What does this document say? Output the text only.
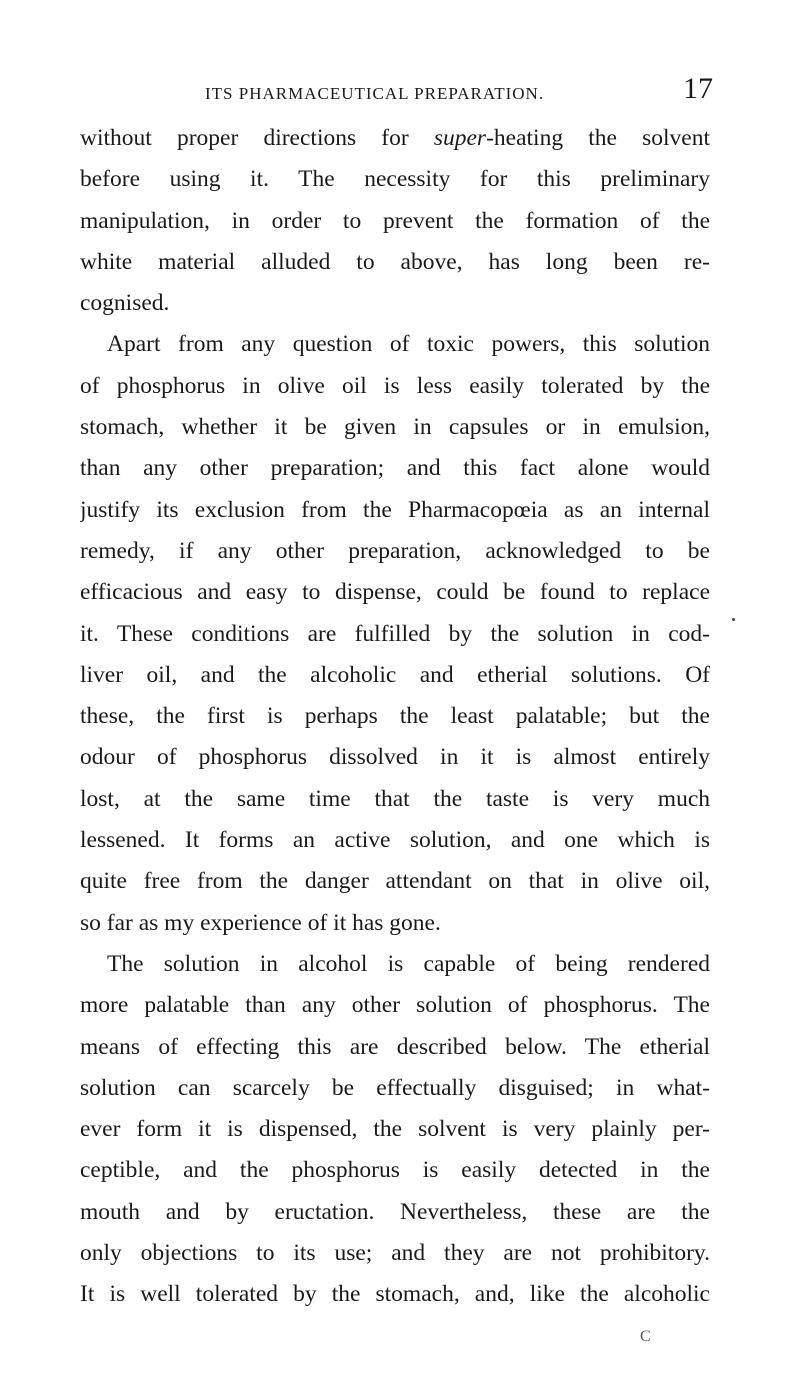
ITS PHARMACEUTICAL PREPARATION.	17
without proper directions for super-heating the solvent
before using it. The necessity for this preliminary
manipulation, in order to prevent the formation of the
white material alluded to above, has long been re-
cognised.
Apart from any question of toxic powers, this solution
of phosphorus in olive oil is less easily tolerated by the
stomach, whether it be given in capsules or in emulsion,
than any other preparation; and this fact alone would
justify its exclusion from the Pharmacopœia as an internal
remedy, if any other preparation, acknowledged to be
efficacious and easy to dispense, could be found to replace
it. These conditions are fulfilled by the solution in cod-
liver oil, and the alcoholic and etherial solutions. Of
these, the first is perhaps the least palatable; but the
odour of phosphorus dissolved in it is almost entirely
lost, at the same time that the taste is very much
lessened. It forms an active solution, and one which is
quite free from the danger attendant on that in olive oil,
so far as my experience of it has gone.
The solution in alcohol is capable of being rendered
more palatable than any other solution of phosphorus. The
means of effecting this are described below. The etherial
solution can scarcely be effectually disguised; in what-
ever form it is dispensed, the solvent is very plainly per-
ceptible, and the phosphorus is easily detected in the
mouth and by eructation. Nevertheless, these are the
only objections to its use; and they are not prohibitory.
It is well tolerated by the stomach, and, like the alcoholic
C
